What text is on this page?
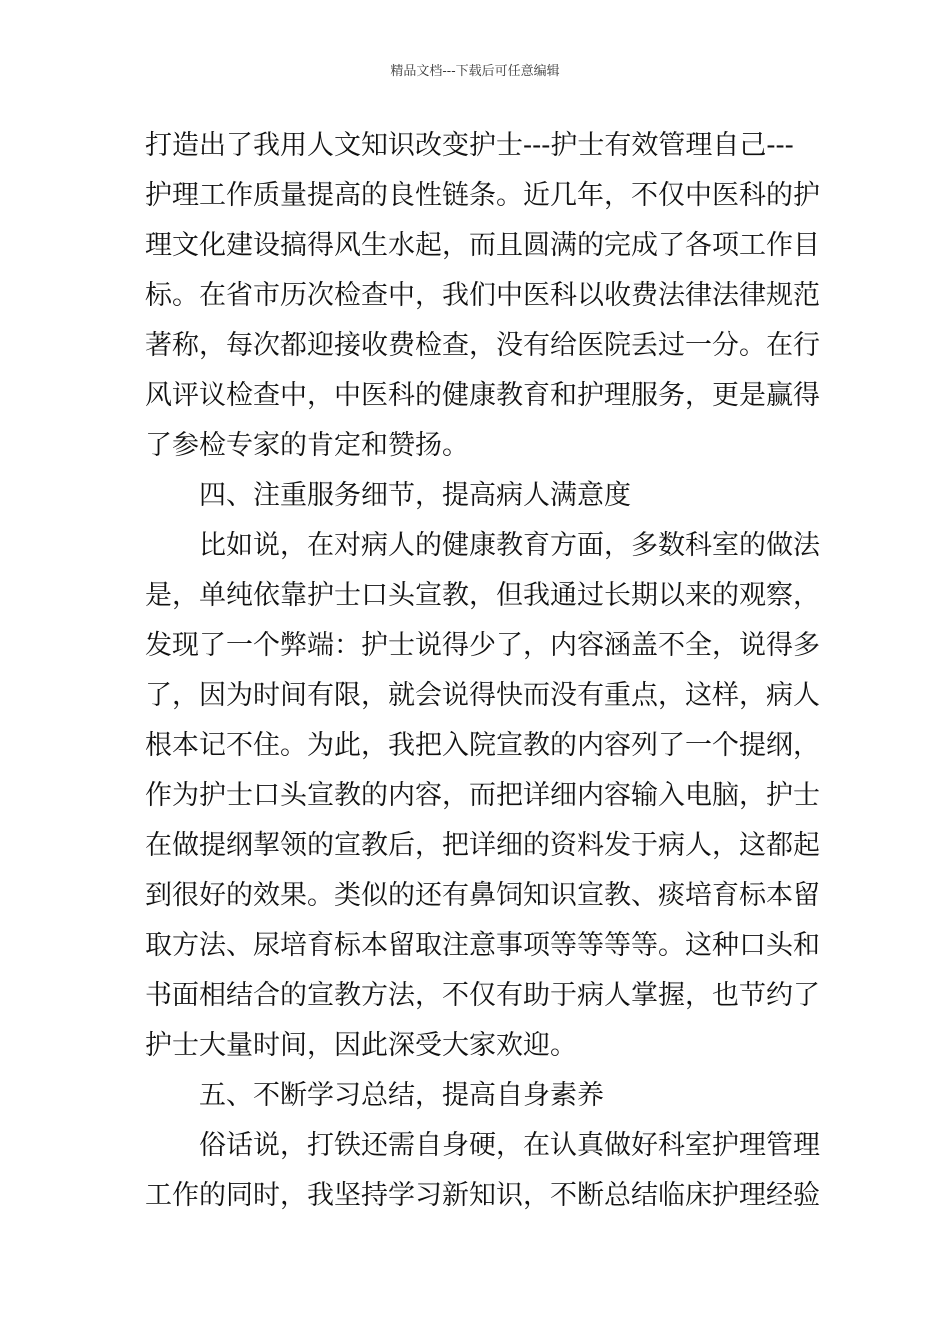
精品文档---下载后可任意编辑
打造出了我用人文知识改变护士---护士有效管理自己---
护理工作质量提高的良性链条。近几年，不仅中医科的护
理文化建设搞得风生水起，而且圆满的完成了各项工作目
标。在省市历次检查中，我们中医科以收费法律法律规范
著称，每次都迎接收费检查，没有给医院丢过一分。在行
风评议检查中，中医科的健康教育和护理服务，更是赢得
了参检专家的肯定和赞扬。
四、注重服务细节，提高病人满意度
比如说，在对病人的健康教育方面，多数科室的做法
是，单纯依靠护士口头宣教，但我通过长期以来的观察，
发现了一个弊端：护士说得少了，内容涵盖不全，说得多
了，因为时间有限，就会说得快而没有重点，这样，病人
根本记不住。为此，我把入院宣教的内容列了一个提纲，
作为护士口头宣教的内容，而把详细内容输入电脑，护士
在做提纲挈领的宣教后，把详细的资料发于病人，这都起
到很好的效果。类似的还有鼻饲知识宣教、痰培育标本留
取方法、尿培育标本留取注意事项等等等等。这种口头和
书面相结合的宣教方法，不仅有助于病人掌握，也节约了
护士大量时间，因此深受大家欢迎。
五、不断学习总结，提高自身素养
俗话说，打铁还需自身硬，在认真做好科室护理管理
工作的同时，我坚持学习新知识，不断总结临床护理经验
